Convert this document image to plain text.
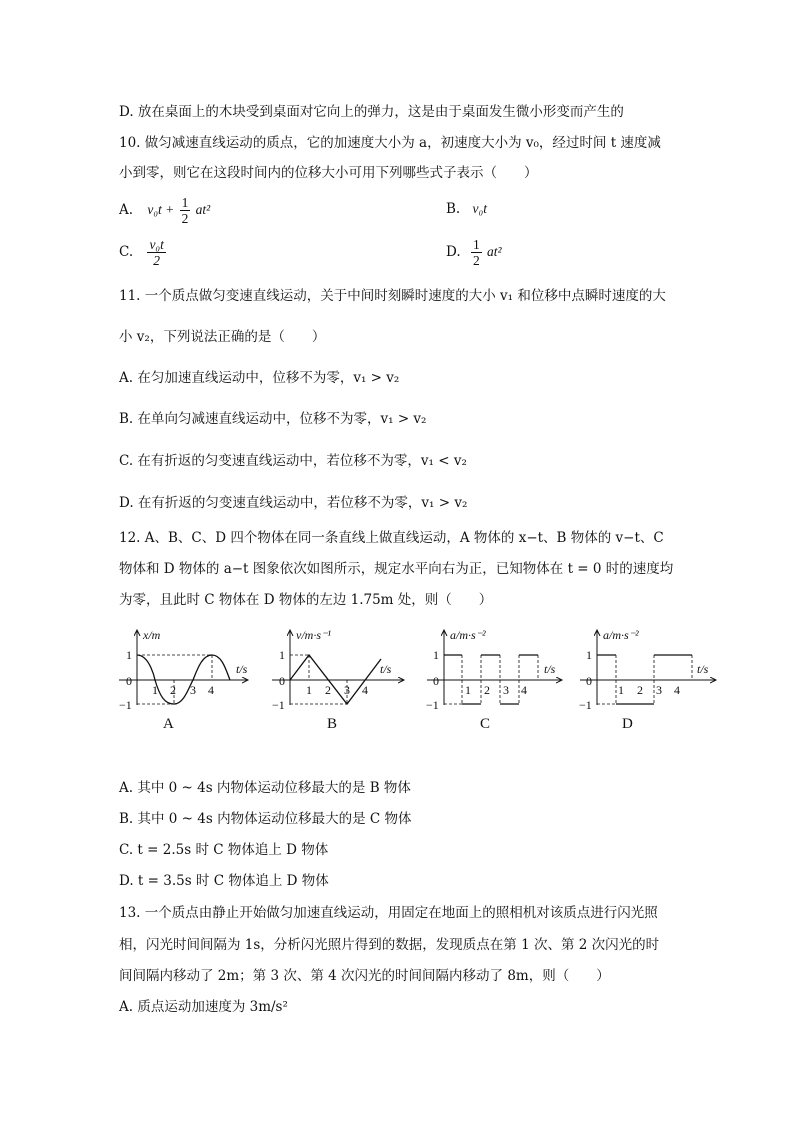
D. 放在桌面上的木块受到桌面对它向上的弹力，这是由于桌面发生微小形变而产生的
10. 做匀减速直线运动的质点，它的加速度大小为 a，初速度大小为 v₀，经过时间 t 速度减
小到零，则它在这段时间内的位移大小可用下列哪些式子表示（　　）
A. $v_0t + \frac{1}{2} at^2$	B. v₀t
C. $\frac{\text{v₀t}}{2}$	D. $\frac{1}{2} at^2$
11. 一个质点做匀变速直线运动，关于中间时刻瞬时速度的大小 v₁ 和位移中点瞬时速度的大
小 v₂，下列说法正确的是（　　）
A. 在匀加速直线运动中，位移不为零，v₁ > v₂
B. 在单向匀减速直线运动中，位移不为零，v₁ > v₂
C. 在有折返的匀变速直线运动中，若位移不为零，v₁ < v₂
D. 在有折返的匀变速直线运动中，若位移不为零，v₁ > v₂
12. A、B、C、D 四个物体在同一条直线上做直线运动，A 物体的 x−t、B 物体的 v−t、C
物体和 D 物体的 a−t 图象依次如图所示，规定水平向右为正，已知物体在 t = 0 时的速度均
为零，且此时 C 物体在 D 物体的左边 1.75m 处，则（　　）
x/m
t/s
1
0
−1
1 2 3 4
v/m·s⁻¹
t/s
1
0
−1
1 2 3 4
a/m·s⁻²
t/s
1
0
−1
1 2 3 4
a/m·s⁻²
t/s
1
0
−1
1 2 3 4
A	B	C	D
A. 其中 0 ~ 4s 内物体运动位移最大的是 B 物体
B. 其中 0 ~ 4s 内物体运动位移最大的是 C 物体
C. t = 2.5s 时 C 物体追上 D 物体
D. t = 3.5s 时 C 物体追上 D 物体
13. 一个质点由静止开始做匀加速直线运动，用固定在地面上的照相机对该质点进行闪光照
相，闪光时间间隔为 1s，分析闪光照片得到的数据，发现质点在第 1 次、第 2 次闪光的时
间间隔内移动了 2m；第 3 次、第 4 次闪光的时间间隔内移动了 8m，则（　　）
A. 质点运动加速度为 3m/s²
